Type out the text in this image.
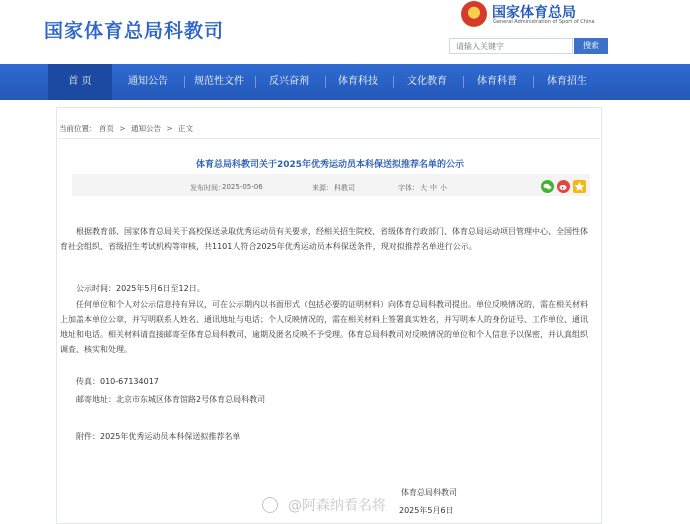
国家体育总局科教司
国家体育总局
General Administration of Sport of China
请输入关键字
搜索
首 页	通知公告	规范性文件	反兴奋剂	体育科技	文化教育	体育科普	体育招生
当前位置： 首页 > 通知公告 > 正文
体育总局科教司关于2025年优秀运动员本科保送拟推荐名单的公示
发布时间：
2025-05-06	来源： 科教司	字体： 大 中 小
根据教育部、国家体育总局关于高校保送录取优秀运动员有关要求，经相关招生院校、省级体育行政部门、体育总局运动项目管理中心、全国性体育社会组织、省级招生考试机构等审核，共1101人符合2025年优秀运动员本科保送条件，现对拟推荐名单进行公示。
公示时间：2025年5月6日至12日。
任何单位和个人对公示信息持有异议，可在公示期内以书面形式（包括必要的证明材料）向体育总局科教司提出。单位反映情况的，需在相关材料上加盖本单位公章，并写明联系人姓名、通讯地址与电话；个人反映情况的，需在相关材料上签署真实姓名，并写明本人的身份证号、工作单位、通讯地址和电话。相关材料请直接邮寄至体育总局科教司，逾期及匿名反映不予受理。体育总局科教司对反映情况的单位和个人信息予以保密，并认真组织调查、核实和处理。
传真：010-67134017
邮寄地址：北京市东城区体育馆路2号体育总局科教司
附件：2025年优秀运动员本科保送拟推荐名单
体育总局科教司
2025年5月6日
@阿森纳看名将
